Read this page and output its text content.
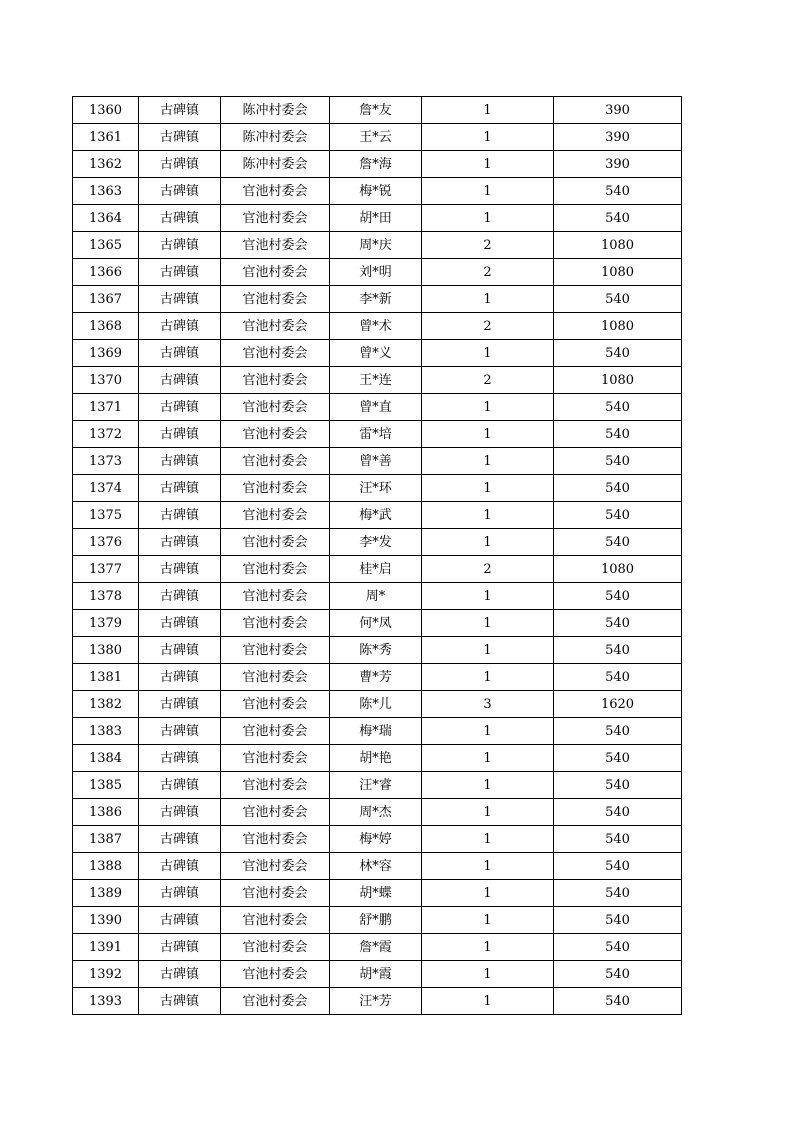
1360	古碑镇	陈冲村委会	詹*友	1	390
1361	古碑镇	陈冲村委会	王*云	1	390
1362	古碑镇	陈冲村委会	詹*海	1	390
1363	古碑镇	官池村委会	梅*锐	1	540
1364	古碑镇	官池村委会	胡*田	1	540
1365	古碑镇	官池村委会	周*庆	2	1080
1366	古碑镇	官池村委会	刘*明	2	1080
1367	古碑镇	官池村委会	李*新	1	540
1368	古碑镇	官池村委会	曾*术	2	1080
1369	古碑镇	官池村委会	曾*义	1	540
1370	古碑镇	官池村委会	王*连	2	1080
1371	古碑镇	官池村委会	曾*直	1	540
1372	古碑镇	官池村委会	雷*培	1	540
1373	古碑镇	官池村委会	曾*善	1	540
1374	古碑镇	官池村委会	汪*环	1	540
1375	古碑镇	官池村委会	梅*武	1	540
1376	古碑镇	官池村委会	李*发	1	540
1377	古碑镇	官池村委会	桂*启	2	1080
1378	古碑镇	官池村委会	周*	1	540
1379	古碑镇	官池村委会	何*凤	1	540
1380	古碑镇	官池村委会	陈*秀	1	540
1381	古碑镇	官池村委会	曹*芳	1	540
1382	古碑镇	官池村委会	陈*儿	3	1620
1383	古碑镇	官池村委会	梅*瑞	1	540
1384	古碑镇	官池村委会	胡*艳	1	540
1385	古碑镇	官池村委会	汪*睿	1	540
1386	古碑镇	官池村委会	周*杰	1	540
1387	古碑镇	官池村委会	梅*婷	1	540
1388	古碑镇	官池村委会	林*容	1	540
1389	古碑镇	官池村委会	胡*蝶	1	540
1390	古碑镇	官池村委会	舒*鹏	1	540
1391	古碑镇	官池村委会	詹*霞	1	540
1392	古碑镇	官池村委会	胡*霞	1	540
1393	古碑镇	官池村委会	汪*芳	1	540
